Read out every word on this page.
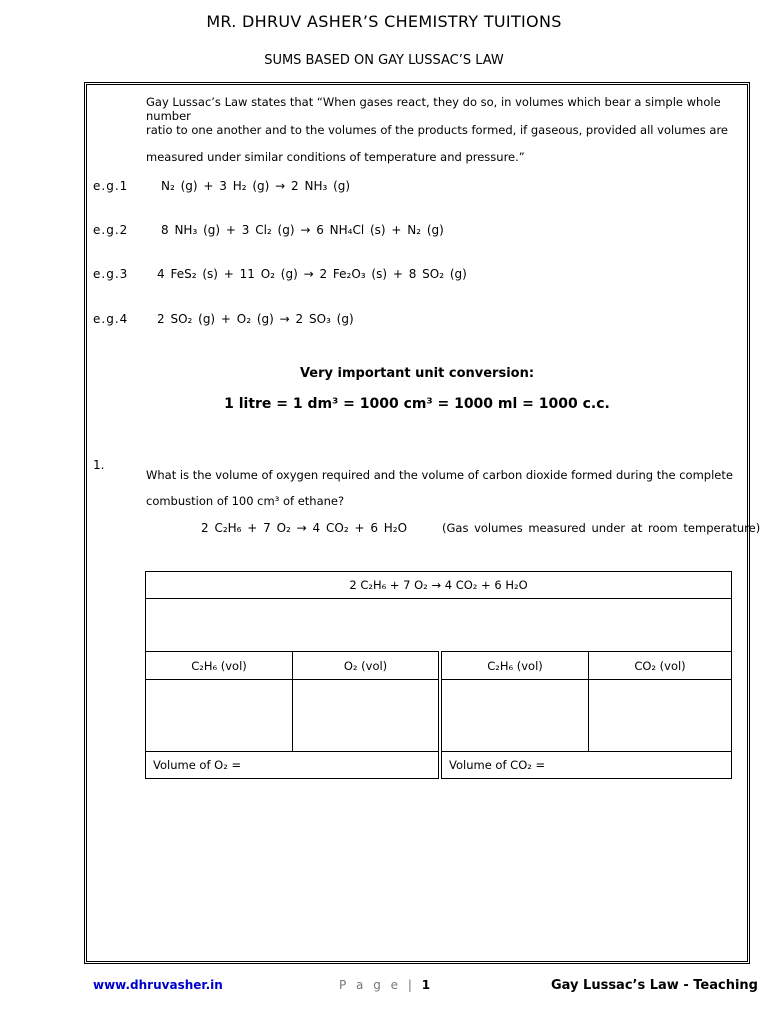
MR. DHRUV ASHER’S CHEMISTRY TUITIONS
SUMS BASED ON GAY LUSSAC’S LAW
Gay Lussac’s Law states that “When gases react, they do so, in volumes which bear a simple whole number
ratio to one another and to the volumes of the products formed, if gaseous, provided all volumes are
measured under similar conditions of temperature and pressure.”
e.g.1	N₂ (g) + 3 H₂ (g) → 2 NH₃ (g)
e.g.2	8 NH₃ (g) + 3 Cl₂ (g) → 6 NH₄Cl (s) + N₂ (g)
e.g.3 4 FeS₂ (s) + 11 O₂ (g) → 2 Fe₂O₃ (s) + 8 SO₂ (g)
e.g.4 2 SO₂ (g) + O₂ (g) → 2 SO₃ (g)
Very important unit conversion:
1 litre = 1 dm³ = 1000 cm³ = 1000 ml = 1000 c.c.
1.
What is the volume of oxygen required and the volume of carbon dioxide formed during the complete
combustion of 100 cm³ of ethane?
2 C₂H₆ + 7 O₂ → 4 CO₂ + 6 H₂O	(Gas volumes measured under at room temperature)
2 C₂H₆ + 7 O₂ → 4 CO₂ + 6 H₂O			

C₂H₆ (vol)	O₂ (vol)	C₂H₆ (vol)	CO₂ (vol)

Volume of O₂ =		Volume of CO₂ =	
www.dhruvasher.in	P a g e | 1	Gay Lussac’s Law - Teaching
